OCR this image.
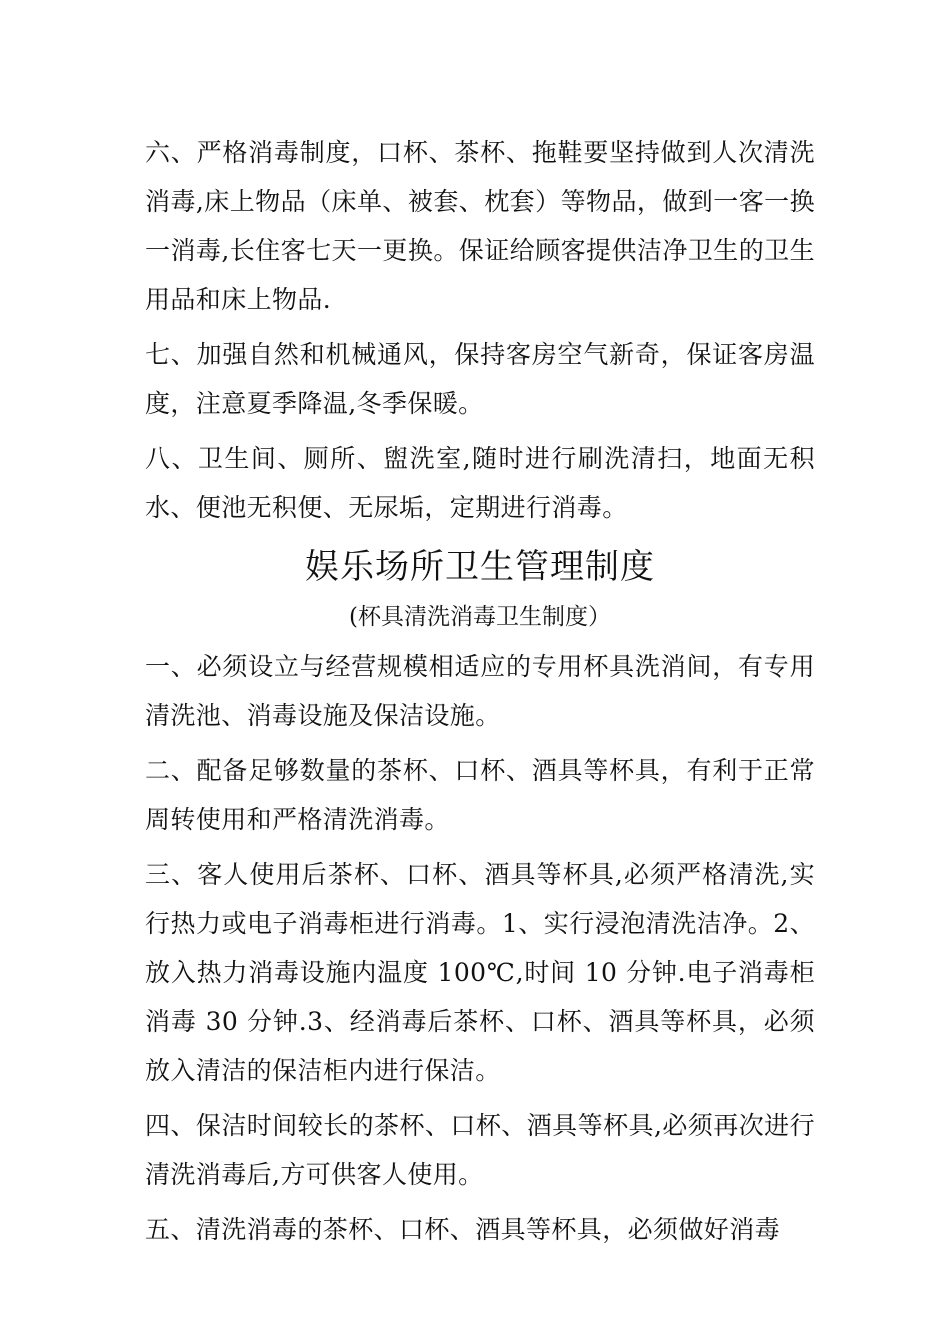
六、严格消毒制度，口杯、茶杯、拖鞋要坚持做到人次清洗消毒,床上物品（床单、被套、枕套）等物品，做到一客一换一消毒,长住客七天一更换。保证给顾客提供洁净卫生的卫生用品和床上物品.

七、加强自然和机械通风，保持客房空气新奇，保证客房温度，注意夏季降温,冬季保暖。

八、卫生间、厕所、盥洗室,随时进行刷洗清扫，地面无积水、便池无积便、无尿垢，定期进行消毒。

娱乐场所卫生管理制度
(杯具清洗消毒卫生制度）

一、必须设立与经营规模相适应的专用杯具洗消间，有专用清洗池、消毒设施及保洁设施。

二、配备足够数量的茶杯、口杯、酒具等杯具，有利于正常周转使用和严格清洗消毒。

三、客人使用后茶杯、口杯、酒具等杯具,必须严格清洗,实行热力或电子消毒柜进行消毒。1、实行浸泡清洗洁净。2、放入热力消毒设施内温度 100℃,时间 10 分钟.电子消毒柜消毒 30 分钟.3、经消毒后茶杯、口杯、酒具等杯具，必须放入清洁的保洁柜内进行保洁。

四、保洁时间较长的茶杯、口杯、酒具等杯具,必须再次进行清洗消毒后,方可供客人使用。

五、清洗消毒的茶杯、口杯、酒具等杯具，必须做好消毒
